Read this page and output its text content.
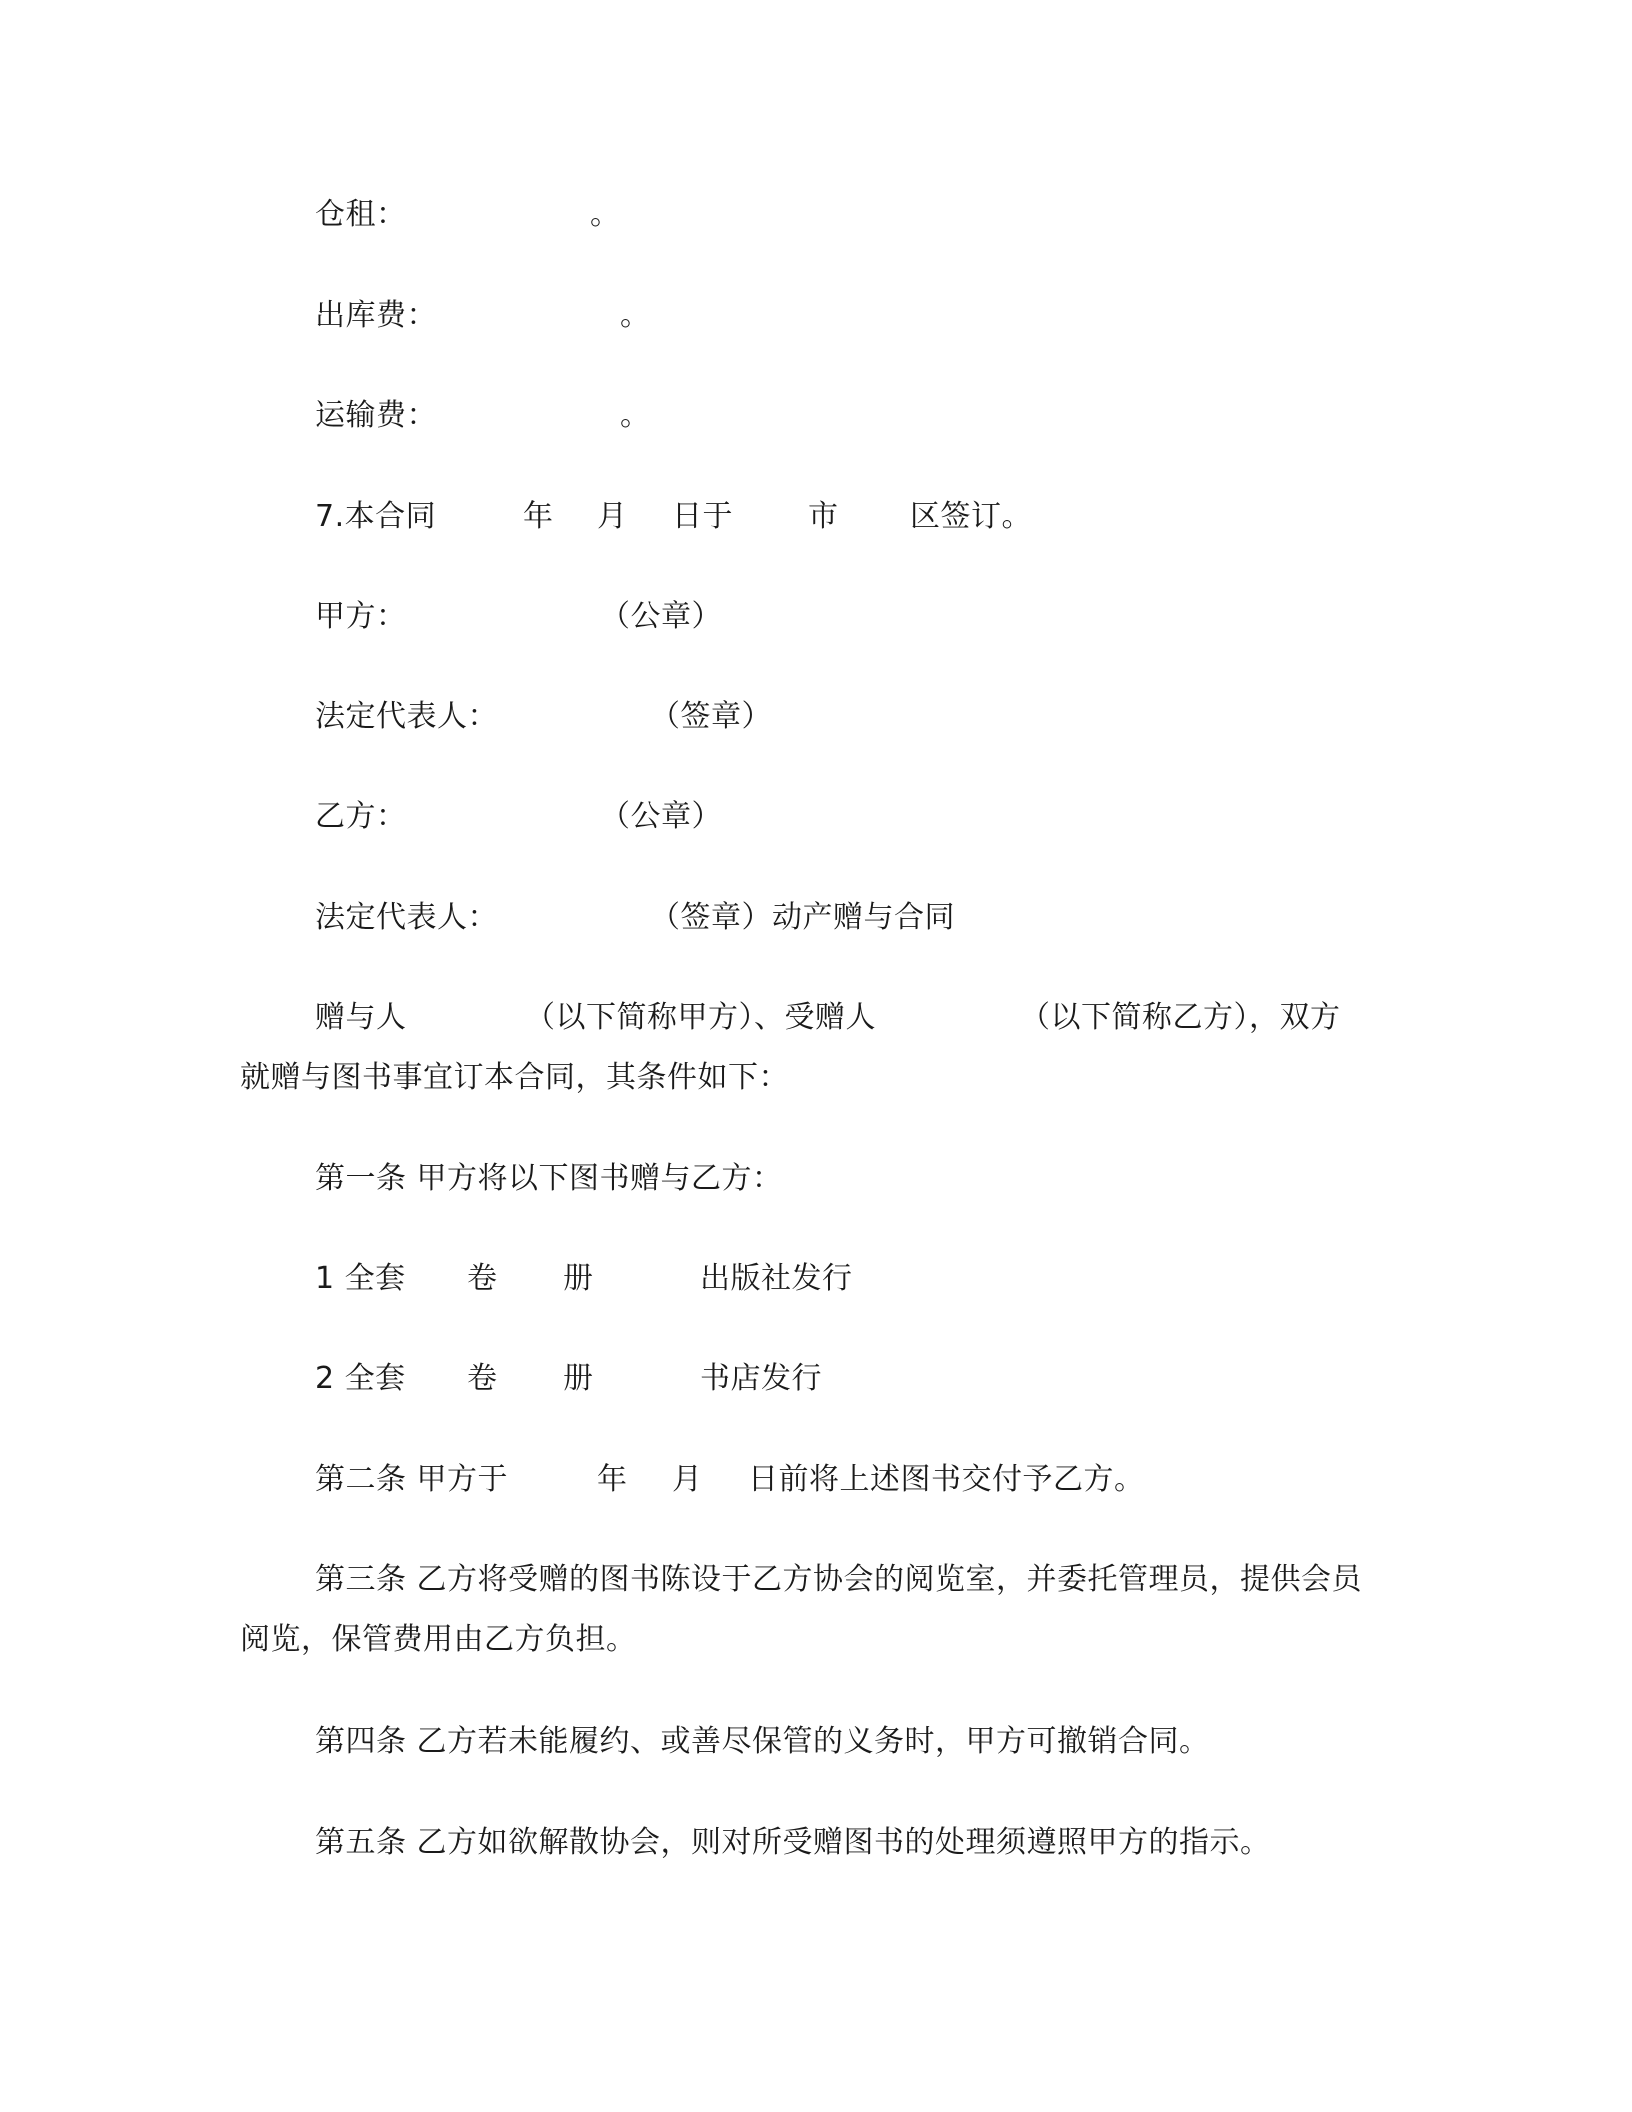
仓租：	。
出库费：	。
运输费：	。
7.本合同	年 月 日于	市 区签订。
甲方：	（公章）
法定代表人：	（签章）
乙方：	（公章）
法定代表人：	（签章）动产赠与合同
赠与人	（以下简称甲方）、受赠人	（以下简称乙方），双方
就赠与图书事宜订本合同，其条件如下：
第一条 甲方将以下图书赠与乙方：
1 全套 卷 册	出版社发行
2 全套 卷 册	书店发行
第二条 甲方于	年 月 日前将上述图书交付予乙方。
第三条 乙方将受赠的图书陈设于乙方协会的阅览室，并委托管理员，提供会员阅览，保管费用由乙方负担。
第四条 乙方若未能履约、或善尽保管的义务时，甲方可撤销合同。
第五条 乙方如欲解散协会，则对所受赠图书的处理须遵照甲方的指示。
